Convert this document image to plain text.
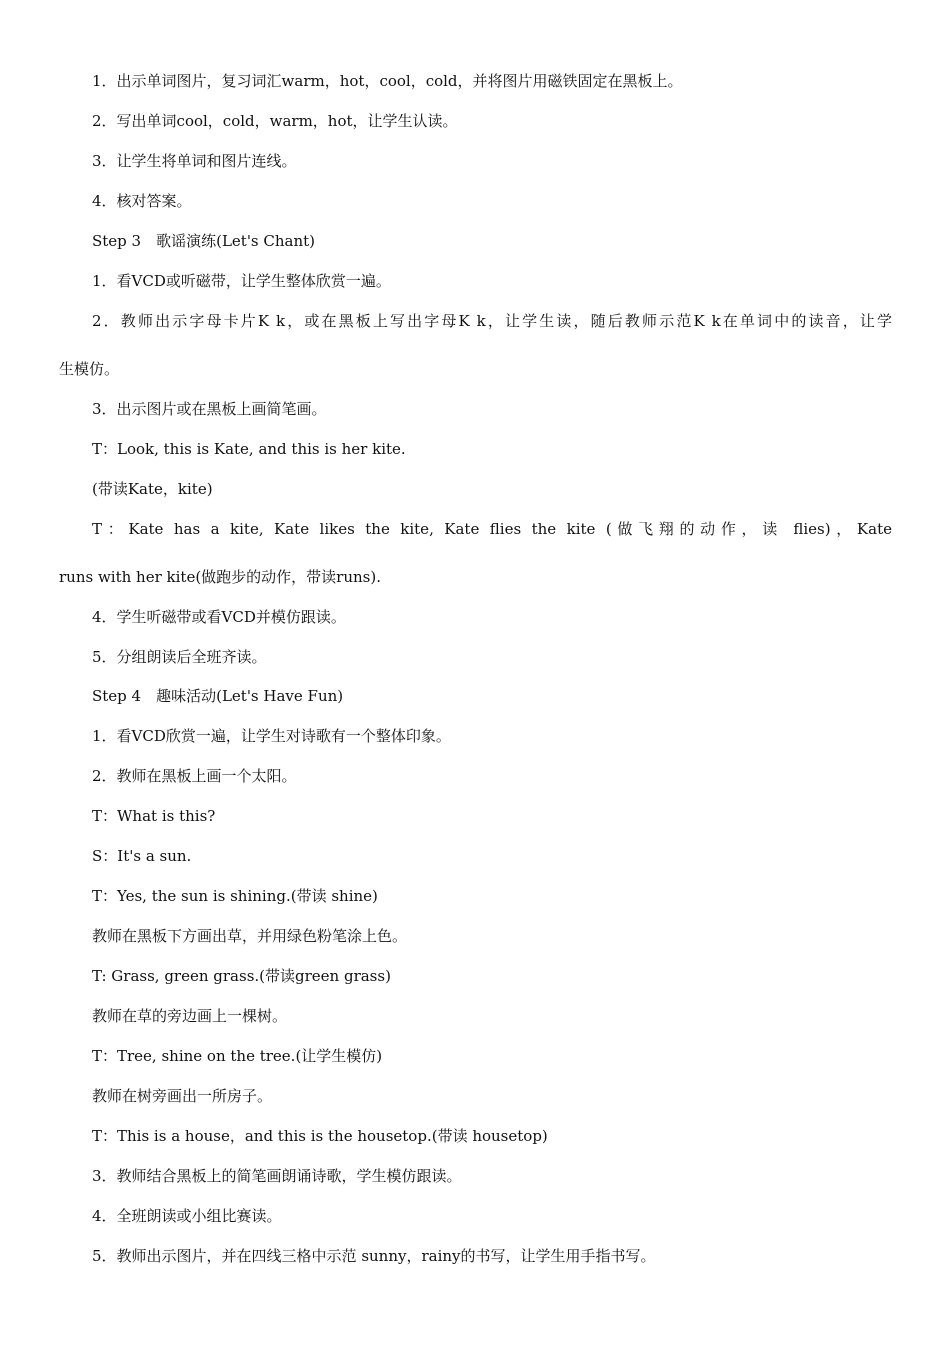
1．出示单词图片，复习词汇warm，hot，cool，cold，并将图片用磁铁固定在黑板上。
2．写出单词cool，cold，warm，hot，让学生认读。
3．让学生将单词和图片连线。
4．核对答案。
Step 3　歌谣演练(Let's Chant)
1．看VCD或听磁带，让学生整体欣赏一遍。
2．教师出示字母卡片K k，或在黑板上写出字母K k，让学生读，随后教师示范K k在单词中的读音，让学
生模仿。
3．出示图片或在黑板上画简笔画。
T：Look, this is Kate, and this is her kite.
(带读Kate，kite)
T：Kate has a kite, Kate likes the kite, Kate flies the kite (做飞翔的动作，读 flies)，Kate
runs with her kite(做跑步的动作，带读runs).
4．学生听磁带或看VCD并模仿跟读。
5．分组朗读后全班齐读。
Step 4　趣味活动(Let's Have Fun)
1．看VCD欣赏一遍，让学生对诗歌有一个整体印象。
2．教师在黑板上画一个太阳。
T：What is this?
S：It's a sun.
T：Yes, the sun is shining.(带读 shine)
教师在黑板下方画出草，并用绿色粉笔涂上色。
T: Grass, green grass.(带读green grass)
教师在草的旁边画上一棵树。
T：Tree, shine on the tree.(让学生模仿)
教师在树旁画出一所房子。
T：This is a house，and this is the housetop.(带读 housetop)
3．教师结合黑板上的简笔画朗诵诗歌，学生模仿跟读。
4．全班朗读或小组比赛读。
5．教师出示图片，并在四线三格中示范 sunny，rainy的书写，让学生用手指书写。
